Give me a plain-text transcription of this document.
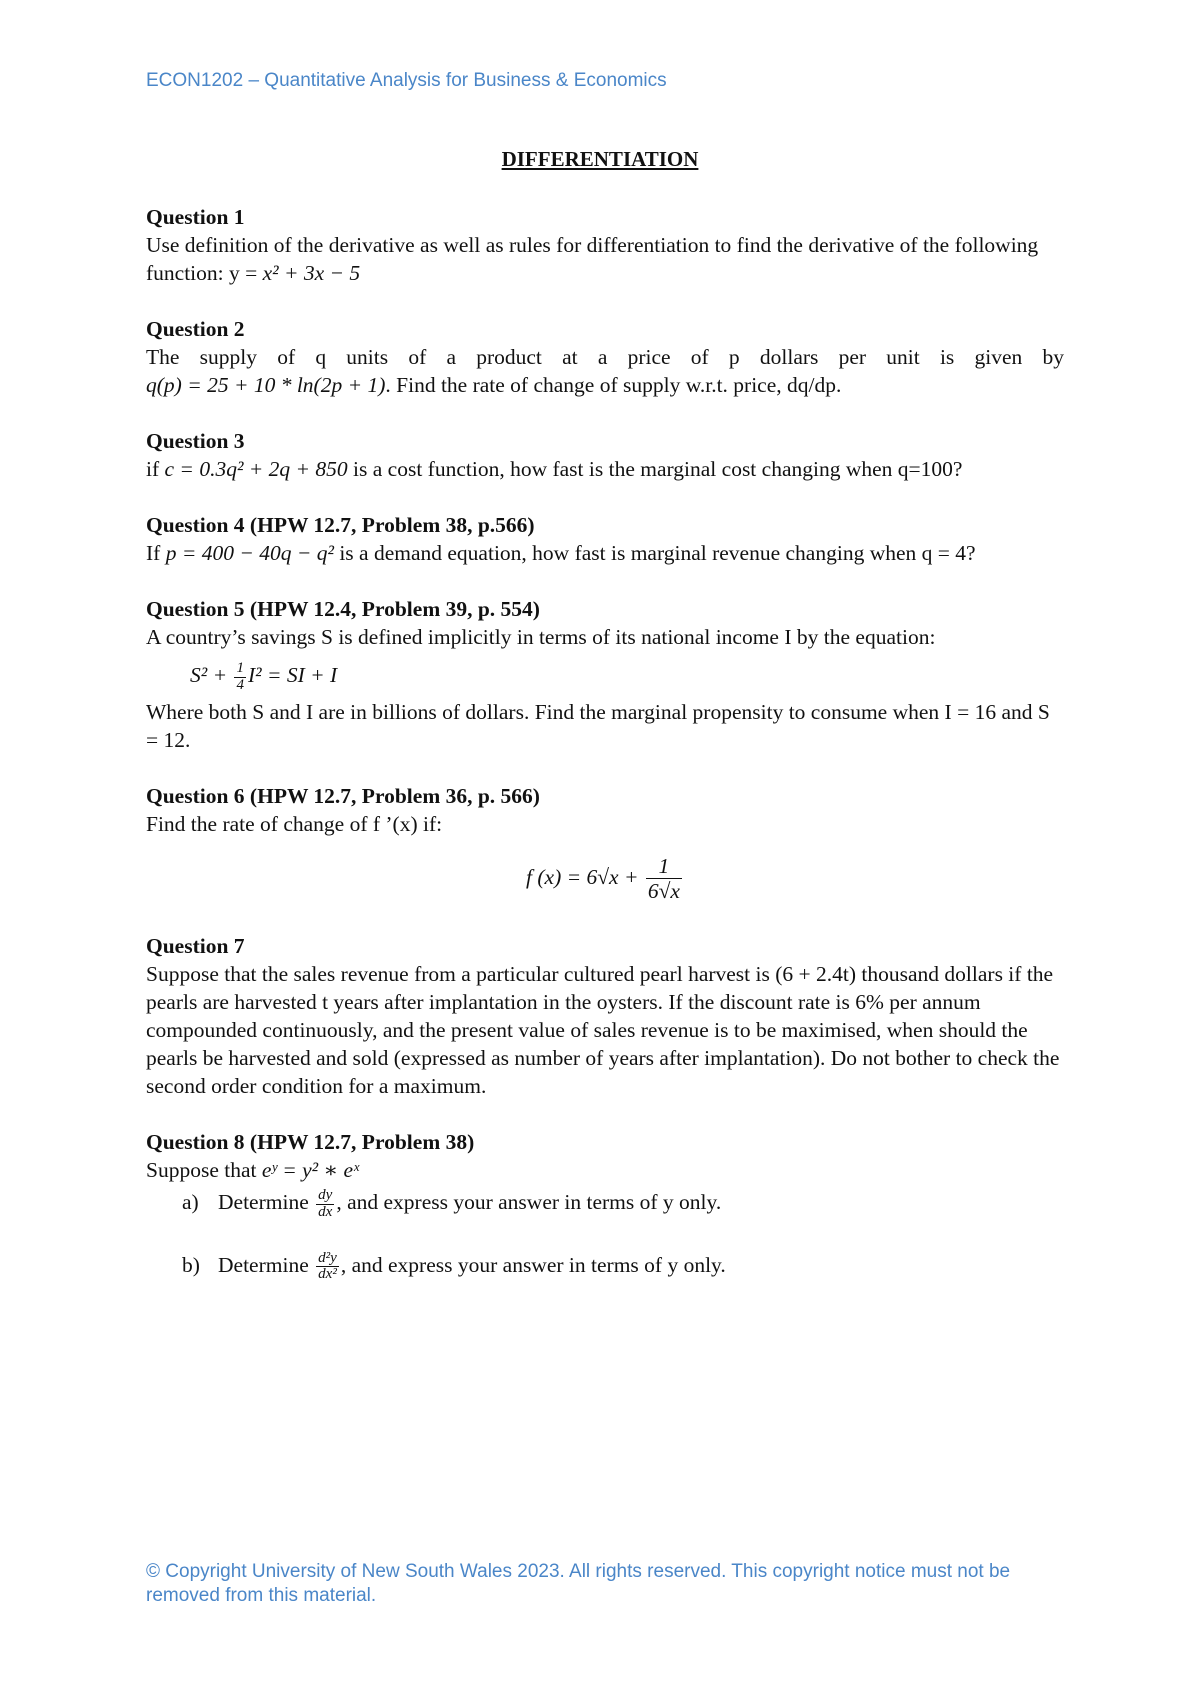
ECON1202 – Quantitative Analysis for Business & Economics
DIFFERENTIATION
Question 1
Use definition of the derivative as well as rules for differentiation to find the derivative of the following function: y = x² + 3x − 5
Question 2
The supply of q units of a product at a price of p dollars per unit is given by
q(p) = 25 + 10 * ln(2p + 1). Find the rate of change of supply w.r.t. price, dq/dp.
Question 3
if c = 0.3q² + 2q + 850 is a cost function, how fast is the marginal cost changing when q=100?
Question 4 (HPW 12.7, Problem 38, p.566)
If p = 400 − 40q − q² is a demand equation, how fast is marginal revenue changing when q = 4?
Question 5 (HPW 12.4, Problem 39, p. 554)
A country’s savings S is defined implicitly in terms of its national income I by the equation:
$S^2 + \frac{1}{4} I^2$ = SI + I
Where both S and I are in billions of dollars. Find the marginal propensity to consume when I = 16 and S = 12.
Question 6 (HPW 12.7, Problem 36, p. 566)
Find the rate of change of f ’(x) if:
f $(x) = 6√x + \frac{1}{6√x}$
Question 7
Suppose that the sales revenue from a particular cultured pearl harvest is (6 + 2.4t) thousand dollars if the pearls are harvested t years after implantation in the oysters. If the discount rate is 6% per annum compounded continuously, and the present value of sales revenue is to be maximised, when should the pearls be harvested and sold (expressed as number of years after implantation). Do not bother to check the second order condition for a maximum.
Question 8 (HPW 12.7, Problem 38)
Suppose that eʸ = y² ∗ eˣ
a) Determine $\frac{dy}{dx}$ , and express your answer in terms of y only.
b) Determine $\frac{\text{d²y}}{\text{dx²}}$ , and express your answer in terms of y only.
© Copyright University of New South Wales 2023. All rights reserved. This copyright notice must not be removed from this material.
